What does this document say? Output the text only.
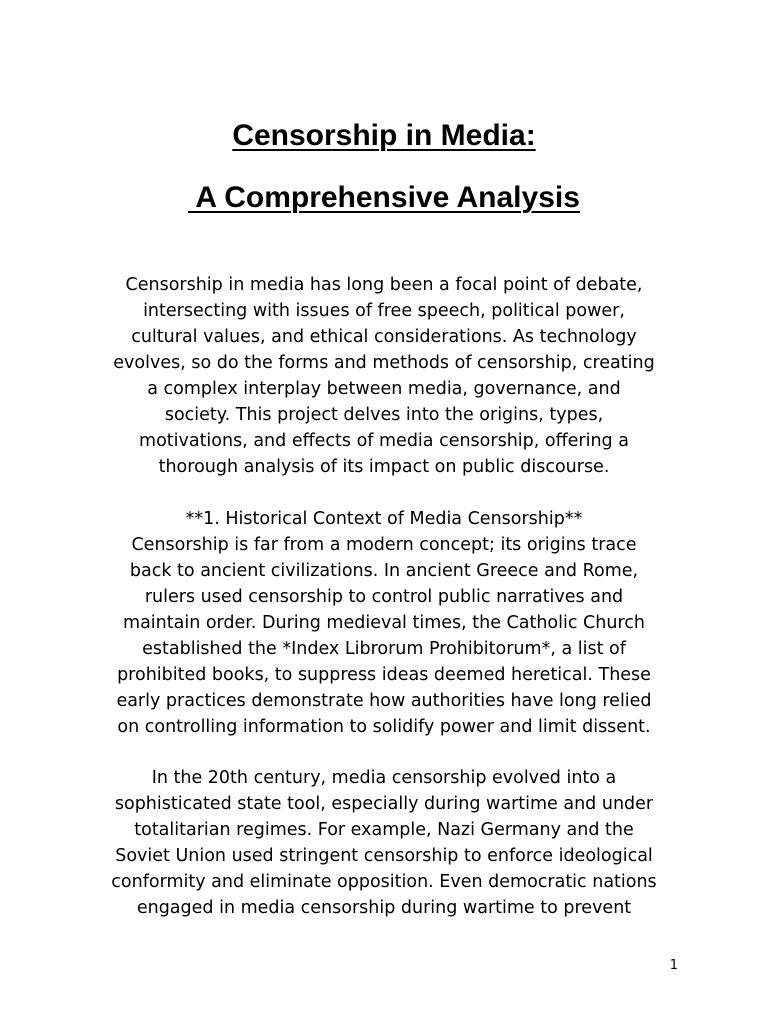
Censorship in Media:
A Comprehensive Analysis

Censorship in media has long been a focal point of debate,
intersecting with issues of free speech, political power,
cultural values, and ethical considerations. As technology
evolves, so do the forms and methods of censorship, creating
a complex interplay between media, governance, and
society. This project delves into the origins, types,
motivations, and effects of media censorship, offering a
thorough analysis of its impact on public discourse.

**1. Historical Context of Media Censorship**
Censorship is far from a modern concept; its origins trace
back to ancient civilizations. In ancient Greece and Rome,
rulers used censorship to control public narratives and
maintain order. During medieval times, the Catholic Church
established the *Index Librorum Prohibitorum*, a list of
prohibited books, to suppress ideas deemed heretical. These
early practices demonstrate how authorities have long relied
on controlling information to solidify power and limit dissent.

In the 20th century, media censorship evolved into a
sophisticated state tool, especially during wartime and under
totalitarian regimes. For example, Nazi Germany and the
Soviet Union used stringent censorship to enforce ideological
conformity and eliminate opposition. Even democratic nations
engaged in media censorship during wartime to prevent

1
